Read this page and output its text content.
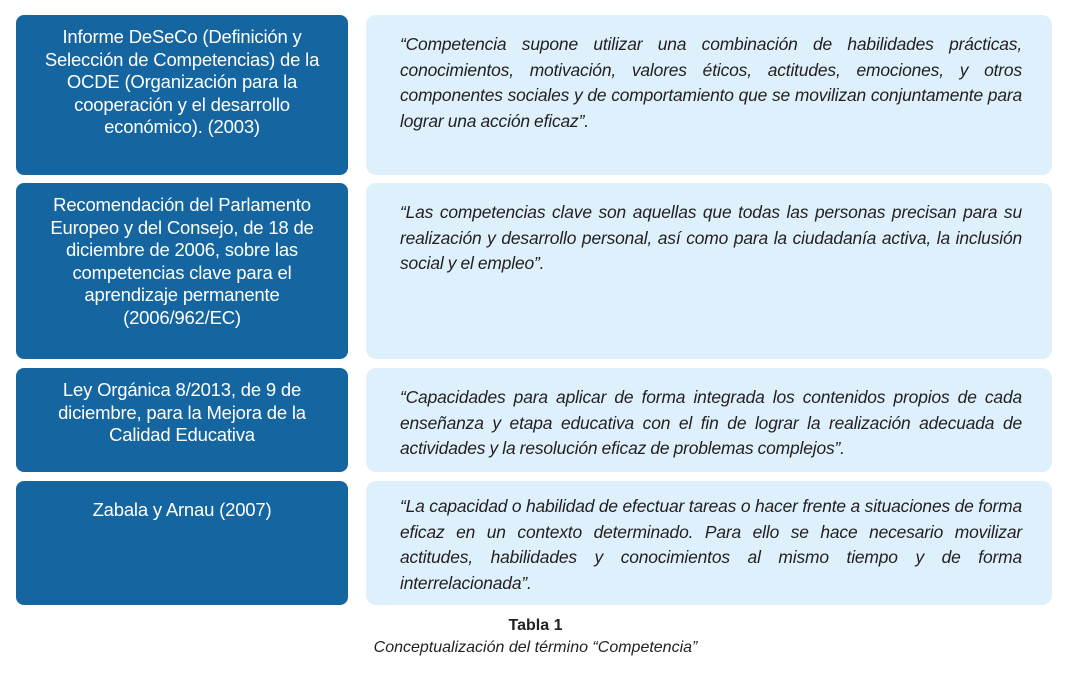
Informe DeSeCo (Definición y Selección de Competencias) de la OCDE (Organización para la cooperación y el desarrollo económico). (2003)
“Competencia supone utilizar una combinación de habilidades prácticas, conocimientos, motivación, valores éticos, actitudes, emociones, y otros componentes sociales y de comportamiento que se movilizan conjuntamente para lograr una acción eficaz”.
Recomendación del Parlamento Europeo y del Consejo, de 18 de diciembre de 2006, sobre las competencias clave para el aprendizaje permanente (2006/962/EC)
“Las competencias clave son aquellas que todas las personas precisan para su realización y desarrollo personal, así como para la ciudadanía activa, la inclusión social y el empleo”.
Ley Orgánica 8/2013, de 9 de diciembre, para la Mejora de la Calidad Educativa
“Capacidades para aplicar de forma integrada los contenidos propios de cada enseñanza y etapa educativa con el fin de lograr la realización adecuada de actividades y la resolución eficaz de problemas complejos”.
Zabala y Arnau (2007)	“La capacidad o habilidad de efectuar tareas o hacer frente a situaciones de forma eficaz en un contexto determinado. Para ello se hace necesario movilizar actitudes, habilidades y conocimientos al mismo tiempo y de forma interrelacionada”.
Tabla 1
Conceptualización del término “Competencia”
